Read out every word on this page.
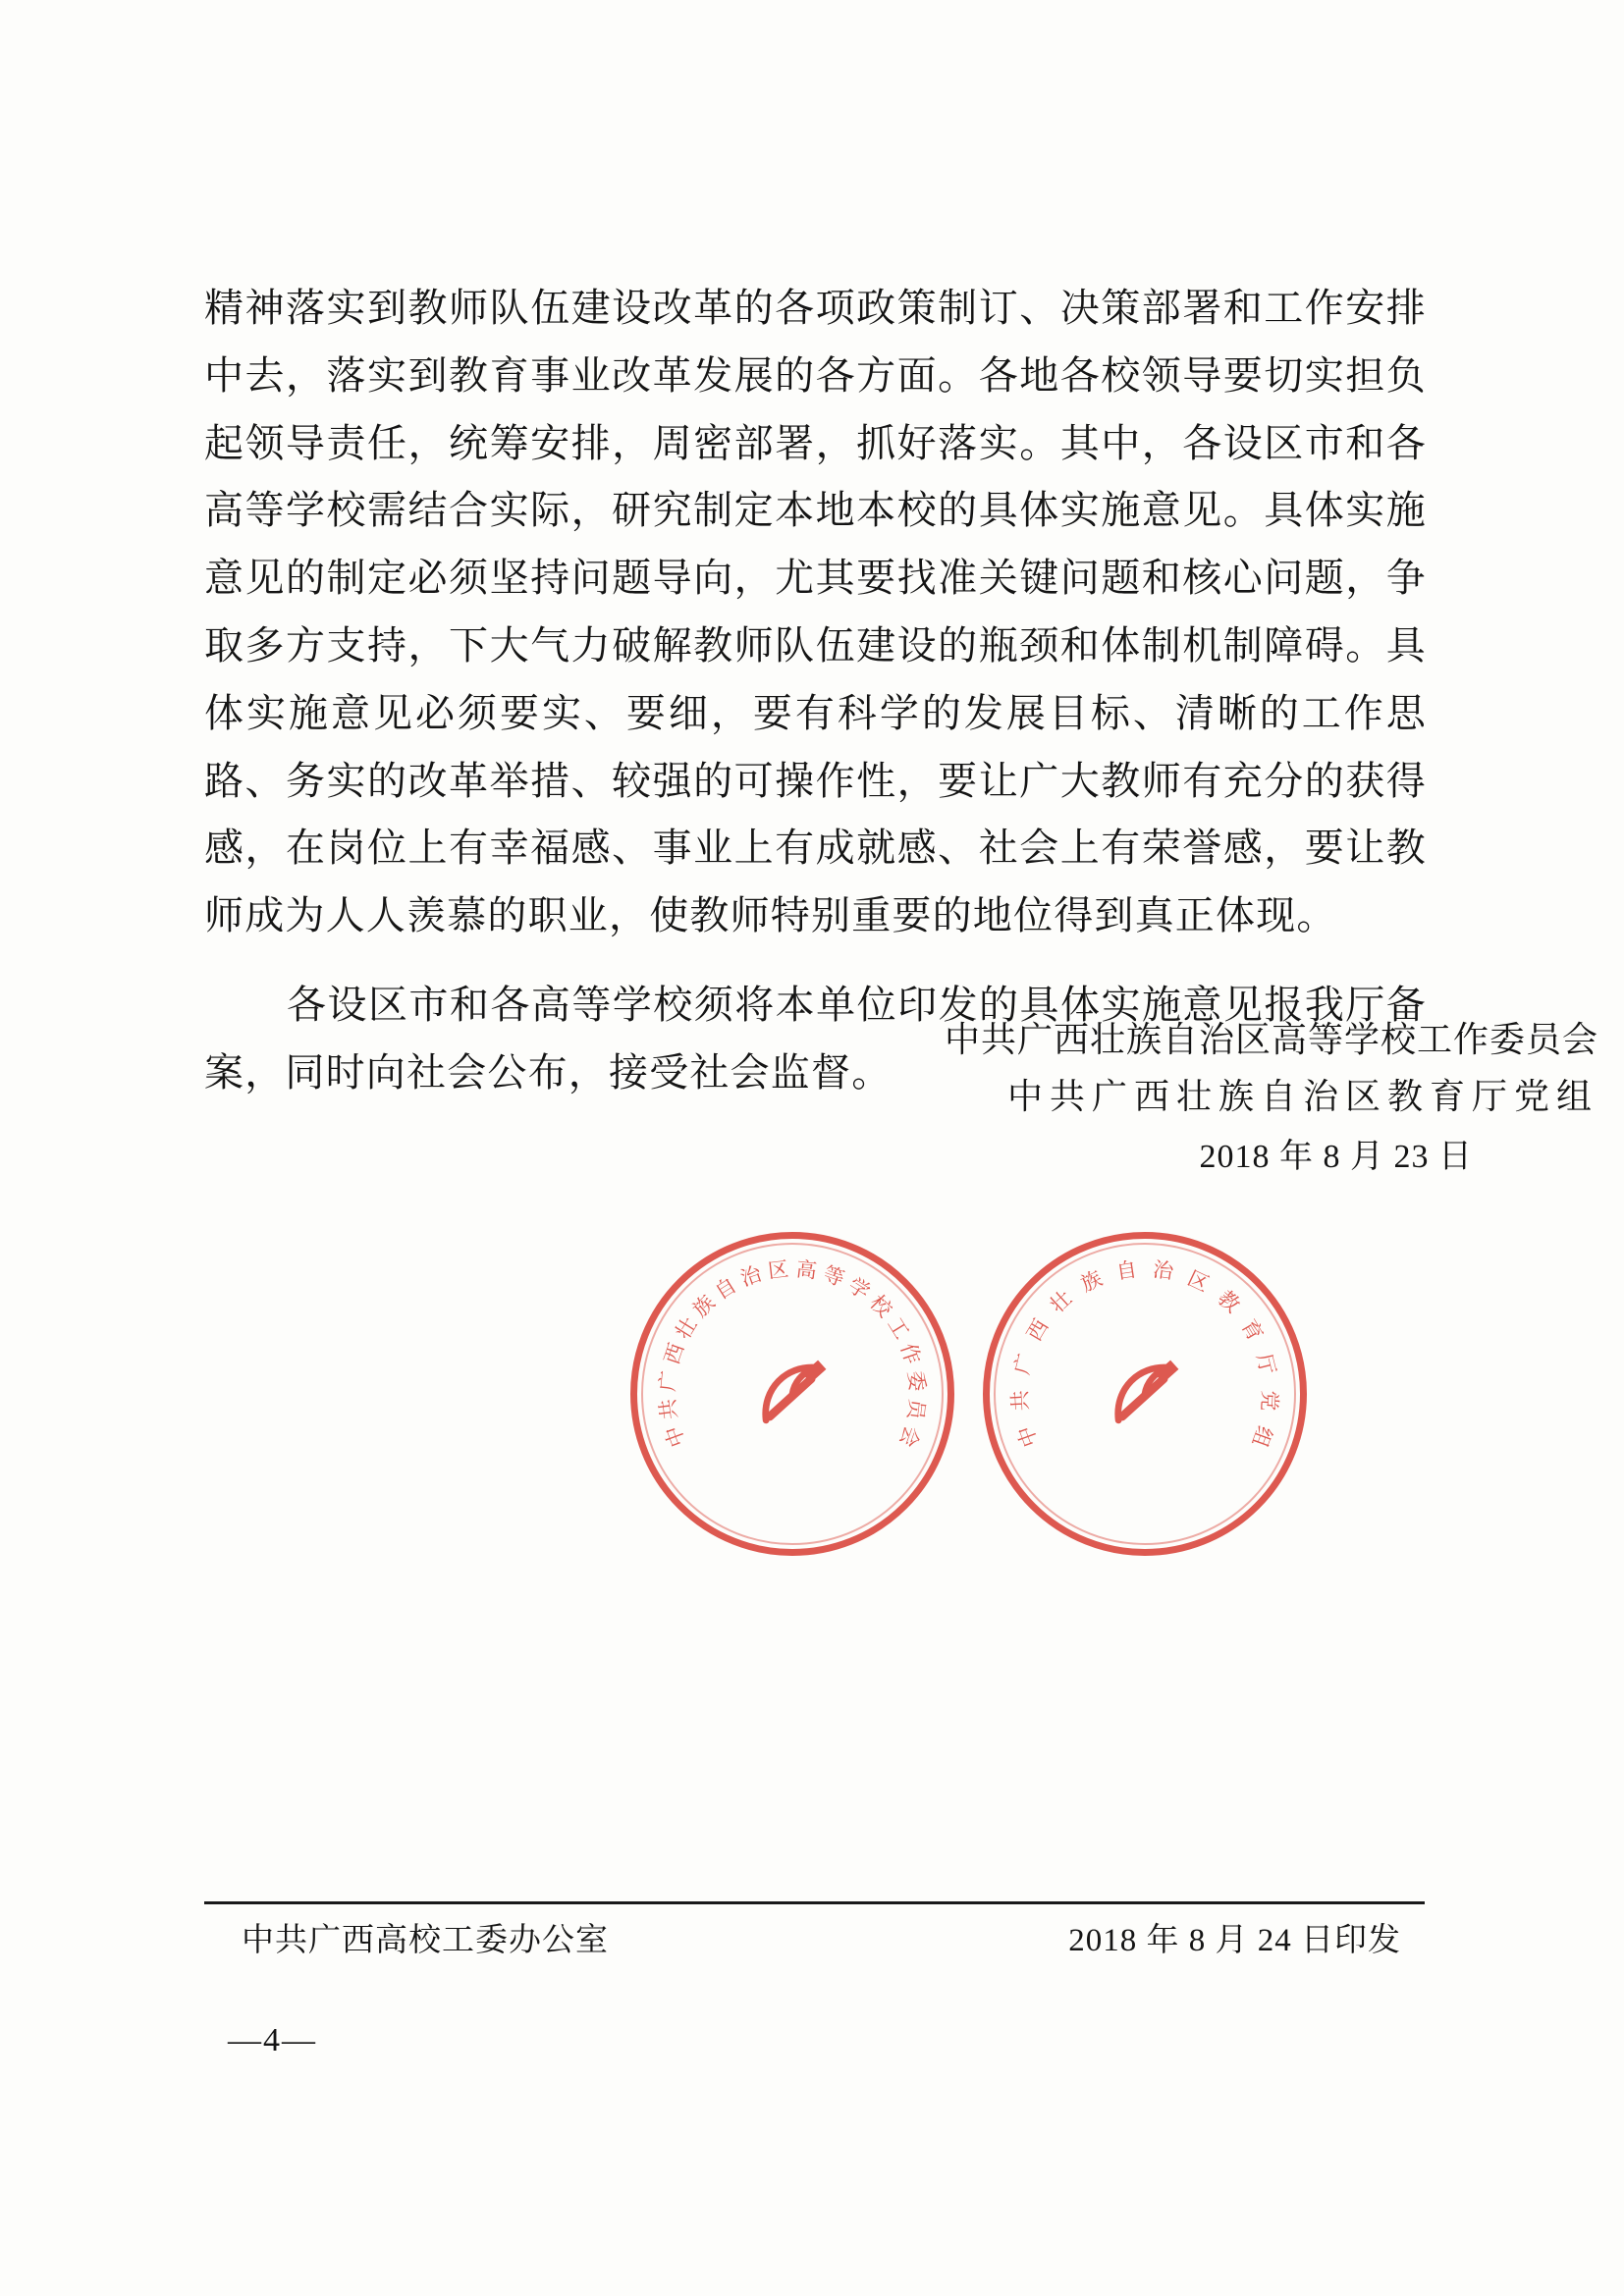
精神落实到教师队伍建设改革的各项政策制订、决策部署和工作安排中去，落实到教育事业改革发展的各方面。各地各校领导要切实担负起领导责任，统筹安排，周密部署，抓好落实。其中，各设区市和各高等学校需结合实际，研究制定本地本校的具体实施意见。具体实施意见的制定必须坚持问题导向，尤其要找准关键问题和核心问题，争取多方支持，下大气力破解教师队伍建设的瓶颈和体制机制障碍。具体实施意见必须要实、要细，要有科学的发展目标、清晰的工作思路、务实的改革举措、较强的可操作性，要让广大教师有充分的获得感，在岗位上有幸福感、事业上有成就感、社会上有荣誉感，要让教师成为人人羡慕的职业，使教师特别重要的地位得到真正体现。

各设区市和各高等学校须将本单位印发的具体实施意见报我厅备案，同时向社会公布，接受社会监督。

中
共
广
西
壮
族
自
治 区 高 等
学
校
工
作
委
员
会	中
共
广
西
壮
族 自 治 区
教
育
厅
党
组
中共广西壮族自治区高等学校工作委员会
中共广西壮族自治区教育厅党组
2018 年 8 月 23 日
中共广西高校工委办公室	2018 年 8 月 24 日印发
—4—
